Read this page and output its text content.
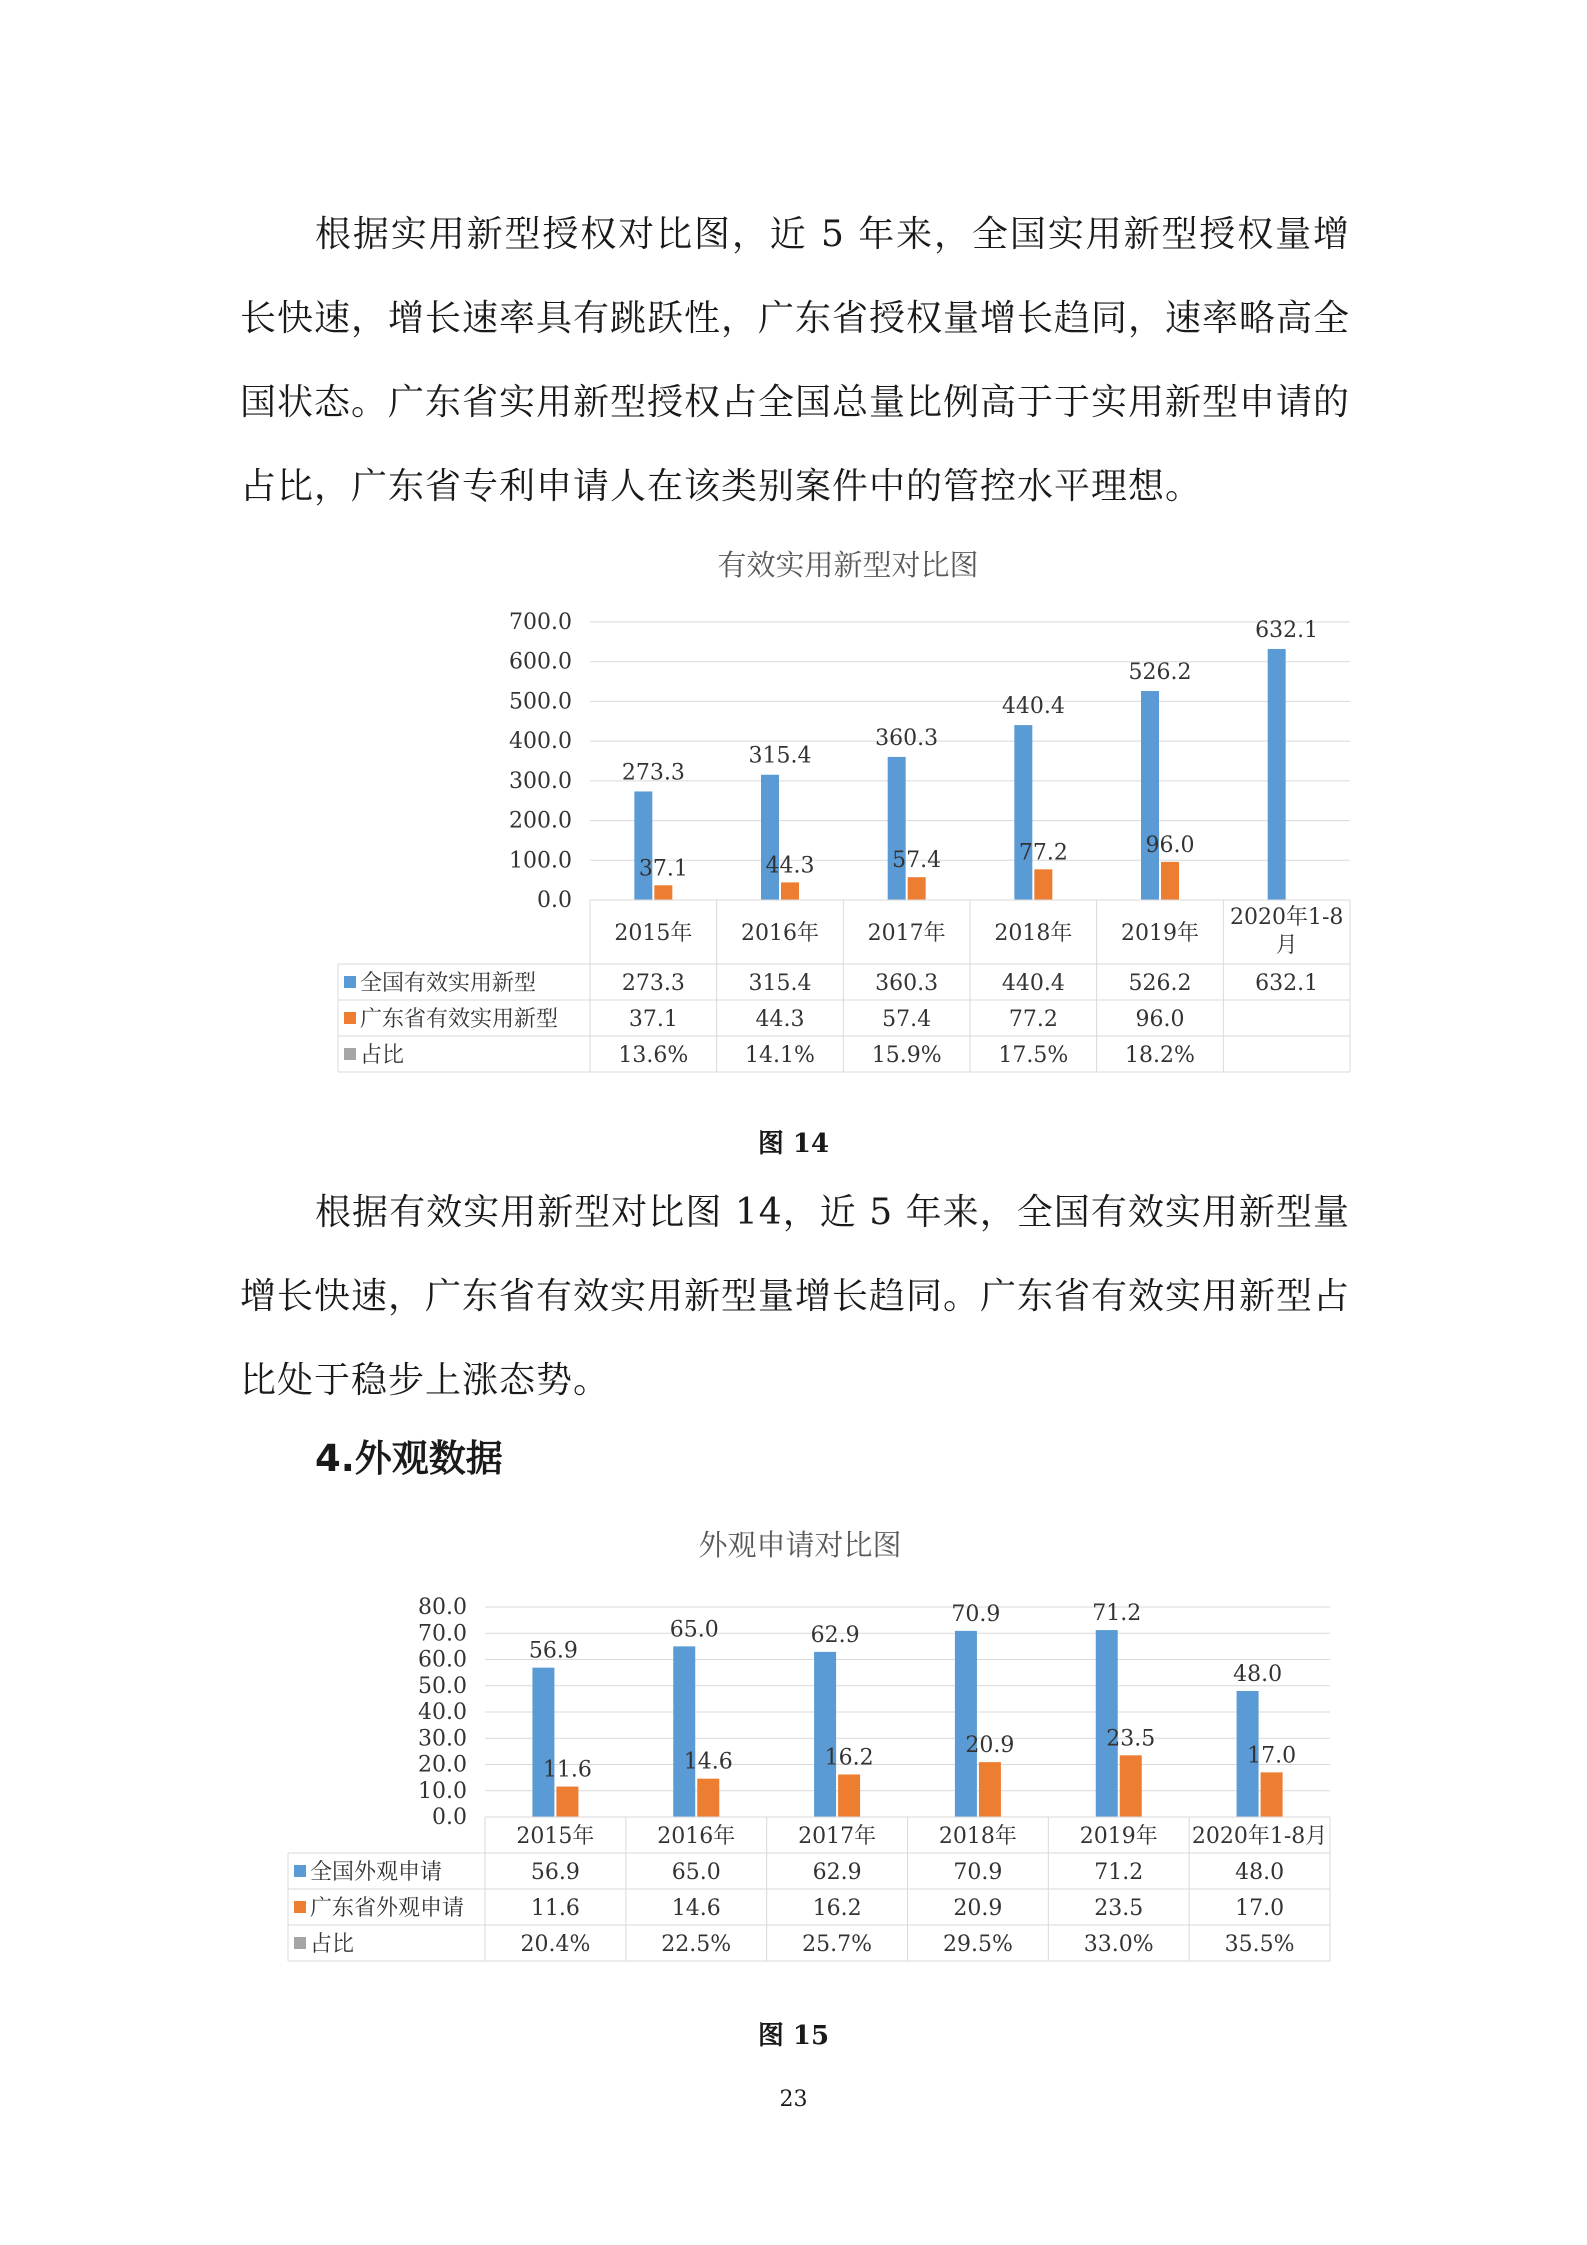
根据实用新型授权对比图，近 5 年来，全国实用新型授权量增长快速，增长速率具有跳跃性，广东省授权量增长趋同，速率略高全国状态。广东省实用新型授权占全国总量比例高于于实用新型申请的占比，广东省专利申请人在该类别案件中的管控水平理想。

有效实用新型对比图
700.0
600.0
500.0
400.0
300.0
200.0
100.0
0.0
273.3
315.4
360.3
440.4
526.2
632.1
37.1	44.3	57.4	77.2	96.0
2015年 2016年 2017年 2018年 2019年
2020年1-8
月
全国有效实用新型	273.3	315.4	360.3	440.4	526.2	632.1
广东省有效实用新型	37.1	44.3	57.4	77.2	96.0
占比	13.6%	14.1%	15.9%	17.5%	18.2%
图 14

根据有效实用新型对比图 14，近 5 年来，全国有效实用新型量增长快速，广东省有效实用新型量增长趋同。广东省有效实用新型占比处于稳步上涨态势。

4.外观数据
外观申请对比图
80.0
70.0
60.0
50.0
40.0
30.0
20.0
10.0
0.0
56.9
65.0	62.9
70.9	71.2
48.0
11.6	14.6	16.2	20.9	23.5
17.0
2015年	2016年	2017年	2018年	2019年 2020年1-8月
全国外观申请	56.9	65.0	62.9	70.9	71.2	48.0
广东省外观申请	11.6	14.6	16.2	20.9	23.5	17.0
占比	20.4%	22.5%	25.7%	29.5%	33.0%	35.5%
图 15
23
